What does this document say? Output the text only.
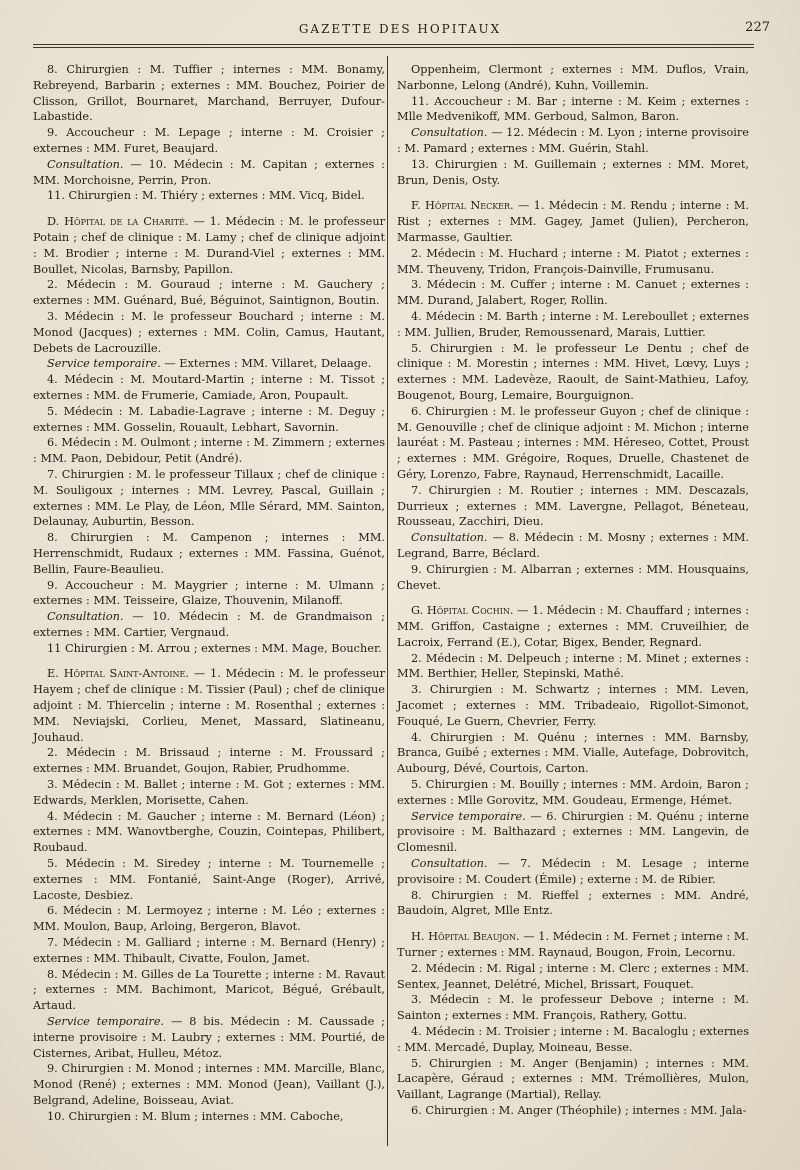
GAZETTE DES HOPITAUX	227

8. Chirurgien : M. Tuffier ; internes : MM. Bonamy, Rebreyend, Barbarin ; externes : MM. Bouchez, Poirier de Clisson, Grillot, Bournaret, Marchand, Berruyer, Dufour-Labastide.

9. Accoucheur : M. Lepage ; interne : M. Croisier ; externes : MM. Furet, Beaujard.

Consultation. — 10. Médecin : M. Capitan ; externes : MM. Morchoisne, Perrin, Pron.

11. Chirurgien : M. Thiéry ; externes : MM. Vicq, Bidel.

D. Hôpital de la Charité. — 1. Médecin : M. le professeur Potain ; chef de clinique : M. Lamy ; chef de clinique adjoint : M. Brodier ; interne : M. Durand-Viel ; externes : MM. Boullet, Nicolas, Barnsby, Papillon.

2. Médecin : M. Gouraud ; interne : M. Gauchery ; externes : MM. Guénard, Bué, Béguinot, Saintignon, Boutin.

3. Médecin : M. le professeur Bouchard ; interne : M. Monod (Jacques) ; externes : MM. Colin, Camus, Hautant, Debets de Lacrouzille.

Service temporaire. — Externes : MM. Villaret, Delaage.

4. Médecin : M. Moutard-Martin ; interne : M. Tissot ; externes : MM. de Frumerie, Camiade, Aron, Poupault.

5. Médecin : M. Labadie-Lagrave ; interne : M. Deguy ; externes : MM. Gosselin, Rouault, Lebhart, Savornin.

6. Médecin : M. Oulmont ; interne : M. Zimmern ; externes : MM. Paon, Debidour, Petit (André).

7. Chirurgien : M. le professeur Tillaux ; chef de clinique : M. Souligoux ; internes : MM. Levrey, Pascal, Guillain ; externes : MM. Le Play, de Léon, Mlle Sérard, MM. Sainton, Delaunay, Auburtin, Besson.

8. Chirurgien : M. Campenon ; internes : MM. Herrenschmidt, Rudaux ; externes : MM. Fassina, Guénot, Bellin, Faure-Beaulieu.

9. Accoucheur : M. Maygrier ; interne : M. Ulmann ; externes : MM. Teisseire, Glaize, Thouvenin, Milanoff.

Consultation. — 10. Médecin : M. de Grandmaison ; externes : MM. Cartier, Vergnaud.

11 Chirurgien : M. Arrou ; externes : MM. Mage, Boucher.

E. Hôpital Saint-Antoine. — 1. Médecin : M. le professeur Hayem ; chef de clinique : M. Tissier (Paul) ; chef de clinique adjoint : M. Thiercelin ; interne : M. Rosenthal ; externes : MM. Neviajski, Corlieu, Menet, Massard, Slatineanu, Jouhaud.

2. Médecin : M. Brissaud ; interne : M. Froussard ; externes : MM. Bruandet, Goujon, Rabier, Prudhomme.

3. Médecin : M. Ballet ; interne : M. Got ; externes : MM. Edwards, Merklen, Morisette, Cahen.

4. Médecin : M. Gaucher ; interne : M. Bernard (Léon) ; externes : MM. Wanovtberghe, Couzin, Cointepas, Philibert, Roubaud.

5. Médecin : M. Siredey ; interne : M. Tournemelle ; externes : MM. Fontanié, Saint-Ange (Roger), Arrivé, Lacoste, Desbiez.

6. Médecin : M. Lermoyez ; interne : M. Léo ; externes : MM. Moulon, Baup, Arloing, Bergeron, Blavot.

7. Médecin : M. Galliard ; interne : M. Bernard (Henry) ; externes : MM. Thibault, Civatte, Foulon, Jamet.

8. Médecin : M. Gilles de La Tourette ; interne : M. Ravaut ; externes : MM. Bachimont, Maricot, Bégué, Grébault, Artaud.

Service temporaire. — 8 bis. Médecin : M. Caussade ; interne provisoire : M. Laubry ; externes : MM. Pourtié, de Cisternes, Aribat, Hulleu, Métoz.

9. Chirurgien : M. Monod ; internes : MM. Marcille, Blanc, Monod (René) ; externes : MM. Monod (Jean), Vaillant (J.), Belgrand, Adeline, Boisseau, Aviat.

10. Chirurgien : M. Blum ; internes : MM. Caboche,

Oppenheim, Clermont ; externes : MM. Duflos, Vrain, Narbonne, Lelong (André), Kuhn, Voillemin.

11. Accoucheur : M. Bar ; interne : M. Keim ; externes : Mlle Medvenikoff, MM. Gerboud, Salmon, Baron.

Consultation. — 12. Médecin : M. Lyon ; interne provisoire : M. Pamard ; externes : MM. Guérin, Stahl.

13. Chirurgien : M. Guillemain ; externes : MM. Moret, Brun, Denis, Osty.

F. Hôpital Necker. — 1. Médecin : M. Rendu ; interne : M. Rist ; externes : MM. Gagey, Jamet (Julien), Percheron, Marmasse, Gaultier.

2. Médecin : M. Huchard ; interne : M. Piatot ; externes : MM. Theuveny, Tridon, François-Dainville, Frumusanu.

3. Médecin : M. Cuffer ; interne : M. Canuet ; externes : MM. Durand, Jalabert, Roger, Rollin.

4. Médecin : M. Barth ; interne : M. Lereboullet ; externes : MM. Jullien, Bruder, Remoussenard, Marais, Luttier.

5. Chirurgien : M. le professeur Le Dentu ; chef de clinique : M. Morestin ; internes : MM. Hivet, Lœvy, Luys ; externes : MM. Ladevèze, Raoult, de Saint-Mathieu, Lafoy, Bougenot, Bourg, Lemaire, Bourguignon.

6. Chirurgien : M. le professeur Guyon ; chef de clinique : M. Genouville ; chef de clinique adjoint : M. Michon ; interne lauréat : M. Pasteau ; internes : MM. Héreseo, Cottet, Proust ; externes : MM. Grégoire, Roques, Druelle, Chastenet de Géry, Lorenzo, Fabre, Raynaud, Herrenschmidt, Lacaille.

7. Chirurgien : M. Routier ; internes : MM. Descazals, Durrieux ; externes : MM. Lavergne, Pellagot, Béneteau, Rousseau, Zacchiri, Dieu.

Consultation. — 8. Médecin : M. Mosny ; externes : MM. Legrand, Barre, Béclard.

9. Chirurgien : M. Albarran ; externes : MM. Housquains, Chevet.

G. Hôpital Cochin. — 1. Médecin : M. Chauffard ; internes : MM. Griffon, Castaigne ; externes : MM. Cruveilhier, de Lacroix, Ferrand (E.), Cotar, Bigex, Bender, Regnard.

2. Médecin : M. Delpeuch ; interne : M. Minet ; externes : MM. Berthier, Heller, Stepinski, Mathé.

3. Chirurgien : M. Schwartz ; internes : MM. Leven, Jacomet ; externes : MM. Tribadeaio, Rigollot-Simonot, Fouqué, Le Guern, Chevrier, Ferry.

4. Chirurgien : M. Quénu ; internes : MM. Barnsby, Branca, Guibé ; externes : MM. Vialle, Autefage, Dobrovitch, Aubourg, Dévé, Courtois, Carton.

5. Chirurgien : M. Bouilly ; internes : MM. Ardoin, Baron ; externes : Mlle Gorovitz, MM. Goudeau, Ermenge, Hémet.

Service temporaire. — 6. Chirurgien : M. Quénu ; interne provisoire : M. Balthazard ; externes : MM. Langevin, de Clomesnil.

Consultation. — 7. Médecin : M. Lesage ; interne provisoire : M. Coudert (Émile) ; externe : M. de Ribier.

8. Chirurgien : M. Rieffel ; externes : MM. André, Baudoin, Algret, Mlle Entz.

H. Hôpital Beaujon. — 1. Médecin : M. Fernet ; interne : M. Turner ; externes : MM. Raynaud, Bougon, Froin, Lecornu.

2. Médecin : M. Rigal ; interne : M. Clerc ; externes : MM. Sentex, Jeannet, Delétré, Michel, Brissart, Fouquet.

3. Médecin : M. le professeur Debove ; interne : M. Sainton ; externes : MM. François, Rathery, Gottu.

4. Médecin : M. Troisier ; interne : M. Bacaloglu ; externes : MM. Mercadé, Duplay, Moineau, Besse.

5. Chirurgien : M. Anger (Benjamin) ; internes : MM. Lacapère, Géraud ; externes : MM. Trémollières, Mulon, Vaillant, Lagrange (Martial), Rellay.

6. Chirurgien : M. Anger (Théophile) ; internes : MM. Jala-
